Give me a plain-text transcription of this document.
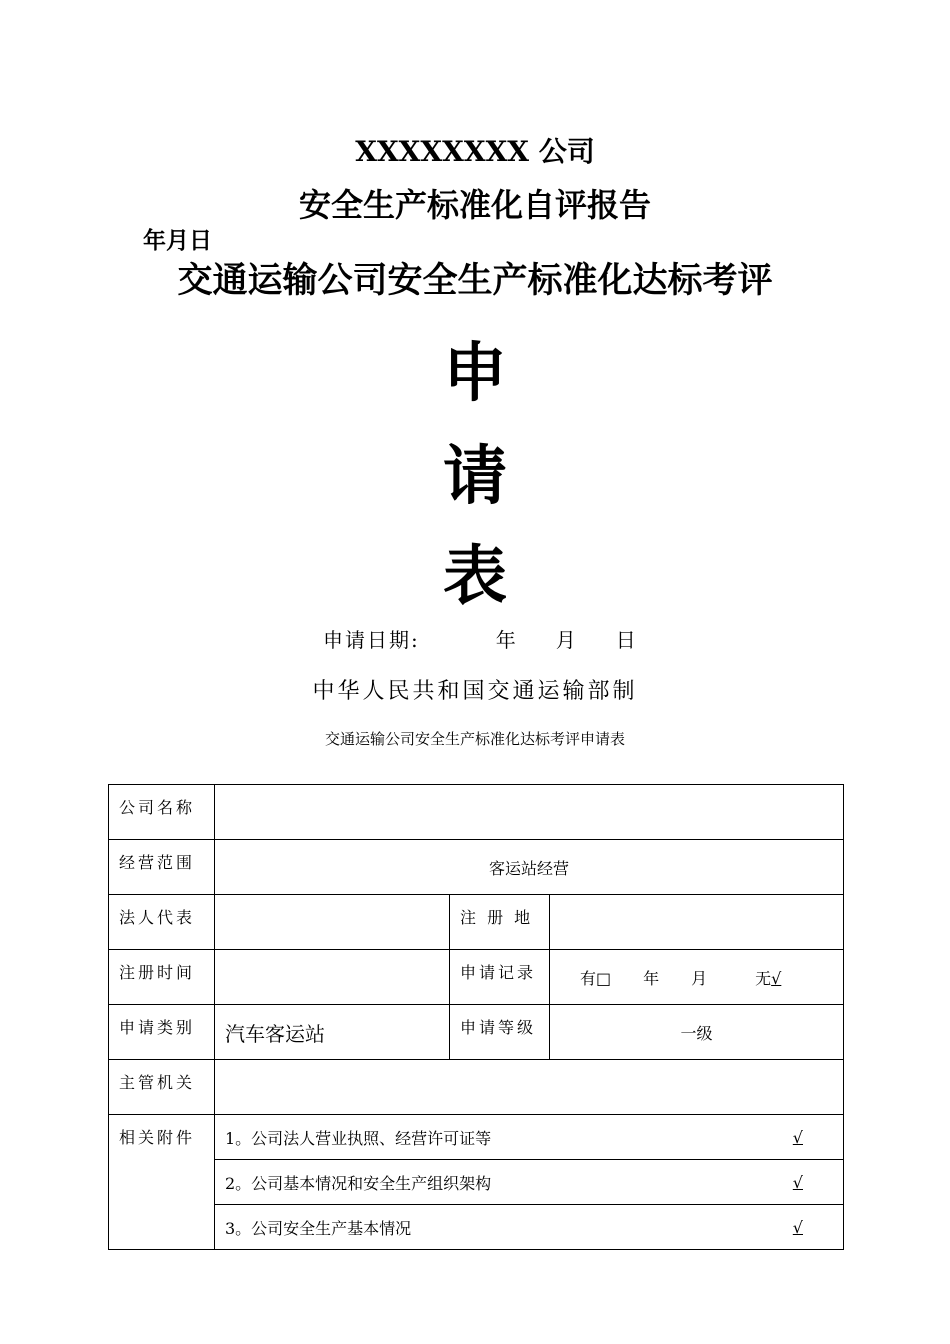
XXXXXXXX 公司
安全生产标准化自评报告
年月日
交通运输公司安全生产标准化达标考评
申
请
表
申请日期:	年 月 日
中华人民共和国交通运输部制
交通运输公司安全生产标准化达标考评申请表
公司名称			
经营范围	客运站经营		
法人代表		注 册 地	
注册时间		申请记录	有□　　年　　月　　　无√
申请类别	汽车客运站	申请等级	一级
主管机关			
相关附件	1。公司法人营业执照、经营许可证等 √		

	2。公司基本情况和安全生产组织架构 √		

	3。公司安全生产基本情况 √		
